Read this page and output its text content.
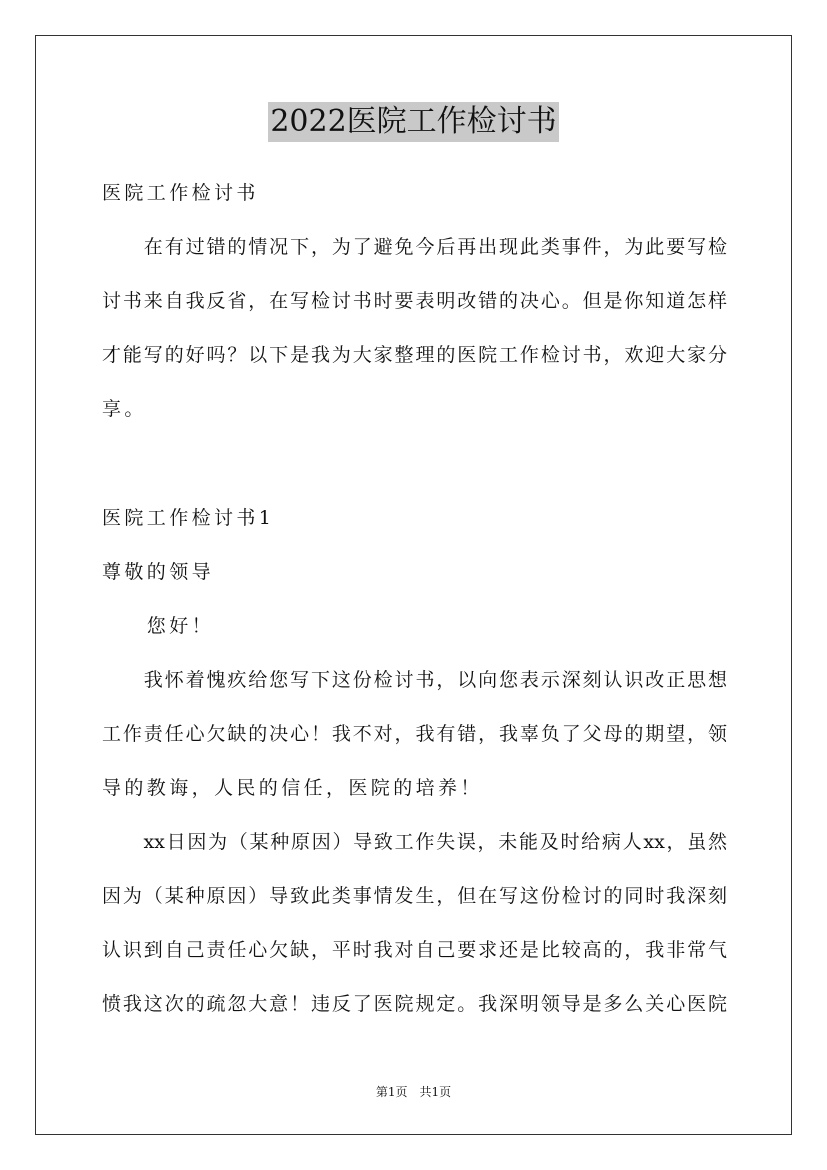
2022医院工作检讨书
医院工作检讨书
　　在有过错的情况下，为了避免今后再出现此类事件，为此要写检
讨书来自我反省，在写检讨书时要表明改错的决心。但是你知道怎样
才能写的好吗？以下是我为大家整理的医院工作检讨书，欢迎大家分
享。
医院工作检讨书1
尊敬的领导
　　您好！
　　我怀着愧疚给您写下这份检讨书，以向您表示深刻认识改正思想
工作责任心欠缺的决心！我不对，我有错，我辜负了父母的期望，领
导的教诲，人民的信任，医院的培养！
　　xx日因为（某种原因）导致工作失误，未能及时给病人xx，虽然
因为（某种原因）导致此类事情发生，但在写这份检讨的同时我深刻
认识到自己责任心欠缺，平时我对自己要求还是比较高的，我非常气
愤我这次的疏忽大意！违反了医院规定。我深明领导是多么关心医院
第1页　共1页
